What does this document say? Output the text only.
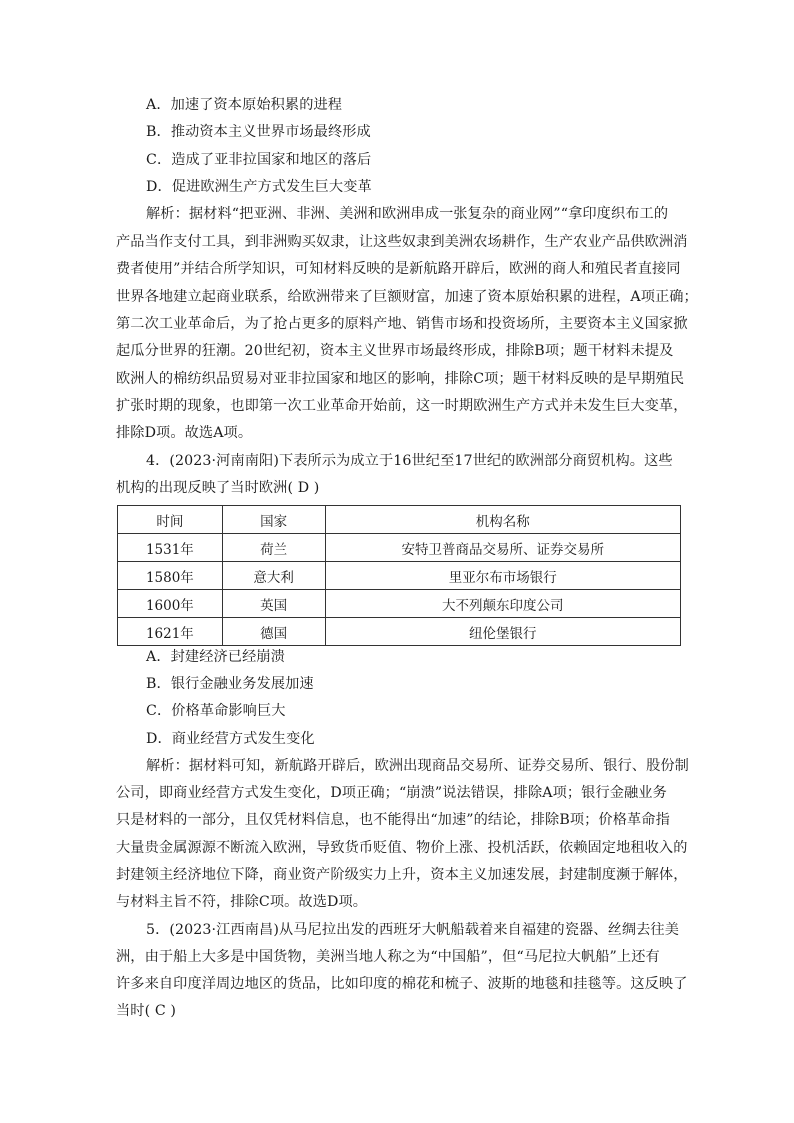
A．加速了资本原始积累的进程
B．推动资本主义世界市场最终形成
C．造成了亚非拉国家和地区的落后
D．促进欧洲生产方式发生巨大变革
解析：据材料“把亚洲、非洲、美洲和欧洲串成一张复杂的商业网”“拿印度织布工的
产品当作支付工具，到非洲购买奴隶，让这些奴隶到美洲农场耕作，生产农业产品供欧洲消
费者使用”并结合所学知识，可知材料反映的是新航路开辟后，欧洲的商人和殖民者直接同
世界各地建立起商业联系，给欧洲带来了巨额财富，加速了资本原始积累的进程，A项正确；
第二次工业革命后，为了抢占更多的原料产地、销售市场和投资场所，主要资本主义国家掀
起瓜分世界的狂潮。20世纪初，资本主义世界市场最终形成，排除B项；题干材料未提及
欧洲人的棉纺织品贸易对亚非拉国家和地区的影响，排除C项；题干材料反映的是早期殖民
扩张时期的现象，也即第一次工业革命开始前，这一时期欧洲生产方式并未发生巨大变革，
排除D项。故选A项。
4．(2023·河南南阳)下表所示为成立于16世纪至17世纪的欧洲部分商贸机构。这些
机构的出现反映了当时欧洲( D )
时间	国家	机构名称
1531年	荷兰	安特卫普商品交易所、证券交易所
1580年	意大利	里亚尔布市场银行
1600年	英国	大不列颠东印度公司
1621年	德国	纽伦堡银行
A．封建经济已经崩溃
B．银行金融业务发展加速
C．价格革命影响巨大
D．商业经营方式发生变化
解析：据材料可知，新航路开辟后，欧洲出现商品交易所、证券交易所、银行、股份制
公司，即商业经营方式发生变化，D项正确；“崩溃”说法错误，排除A项；银行金融业务
只是材料的一部分，且仅凭材料信息，也不能得出“加速”的结论，排除B项；价格革命指
大量贵金属源源不断流入欧洲，导致货币贬值、物价上涨、投机活跃，依赖固定地租收入的
封建领主经济地位下降，商业资产阶级实力上升，资本主义加速发展，封建制度濒于解体，
与材料主旨不符，排除C项。故选D项。
5．(2023·江西南昌)从马尼拉出发的西班牙大帆船载着来自福建的瓷器、丝绸去往美
洲，由于船上大多是中国货物，美洲当地人称之为“中国船”，但“马尼拉大帆船”上还有
许多来自印度洋周边地区的货品，比如印度的棉花和梳子、波斯的地毯和挂毯等。这反映了
当时( C )
